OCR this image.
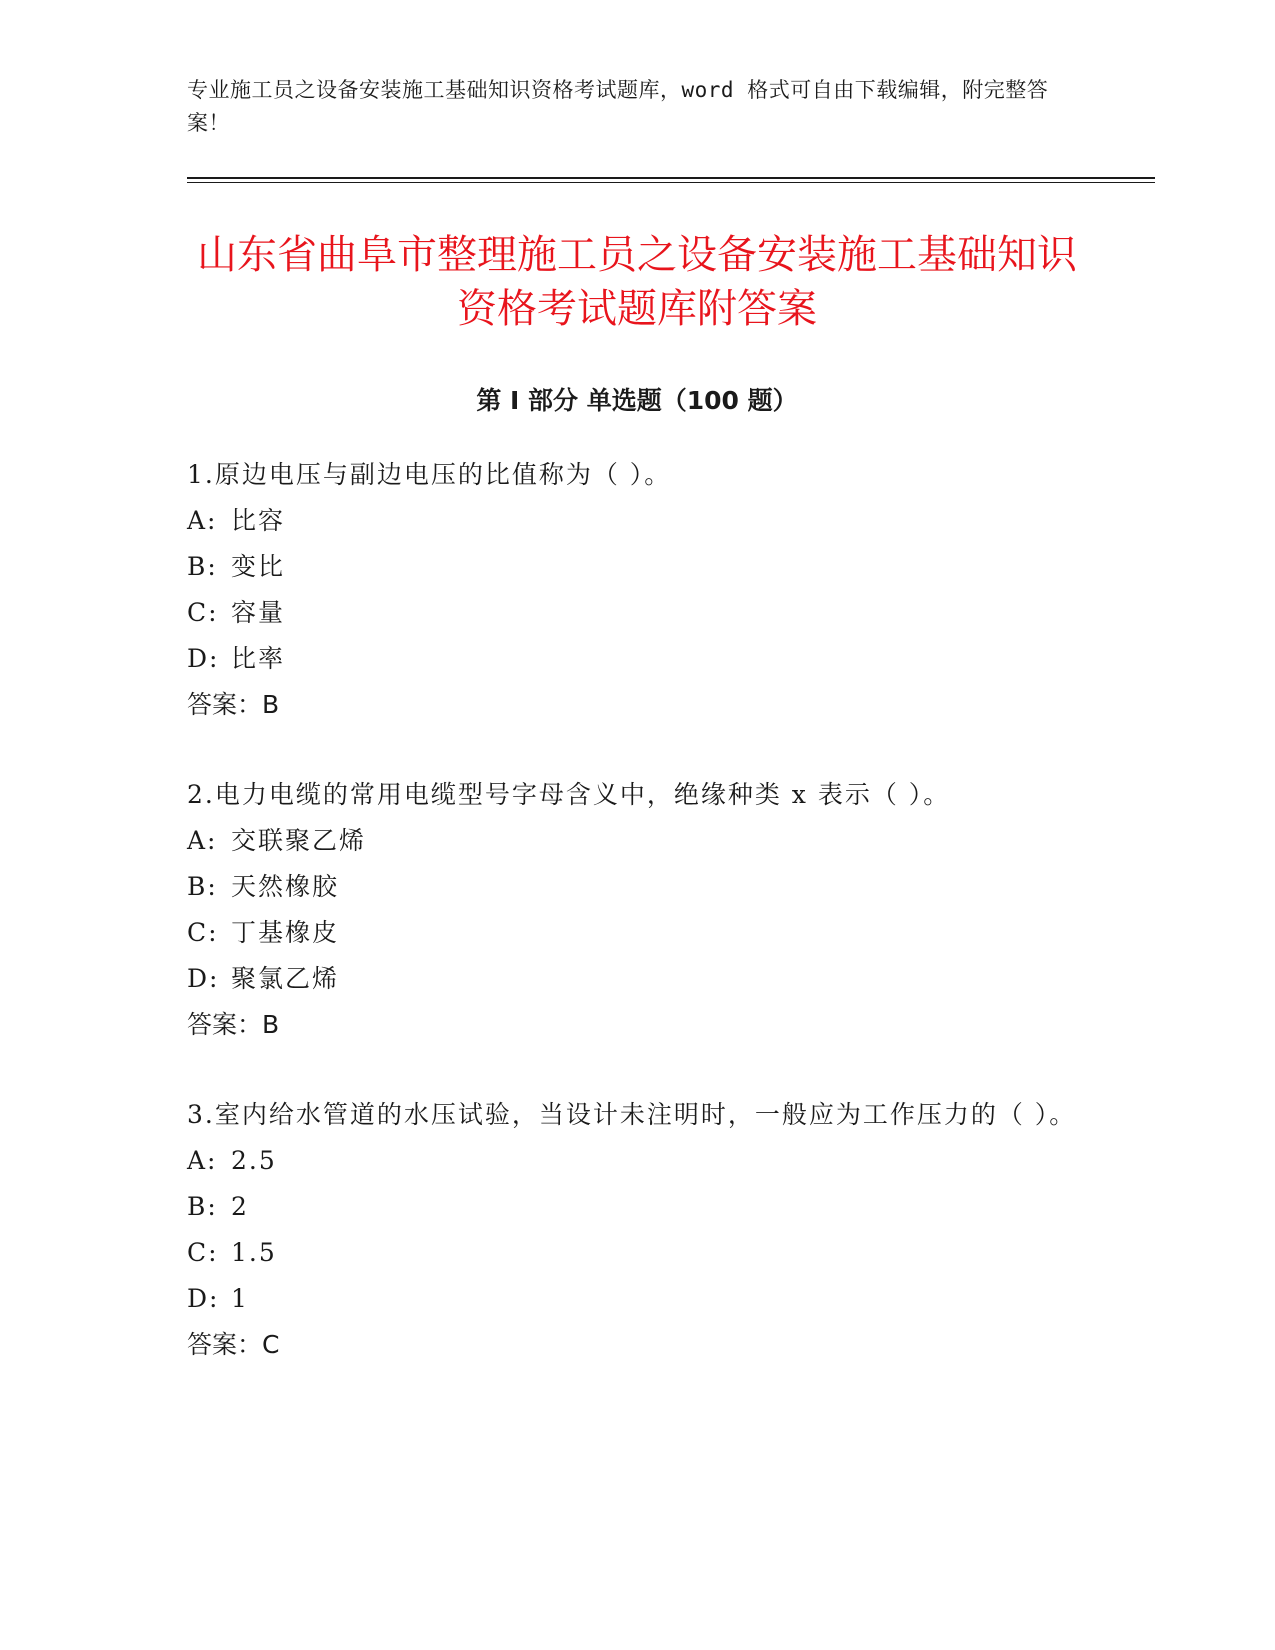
专业施工员之设备安装施工基础知识资格考试题库，word 格式可自由下载编辑，附完整答案！
山东省曲阜市整理施工员之设备安装施工基础知识资格考试题库附答案
第 I 部分 单选题（100 题）

1.原边电压与副边电压的比值称为（ ）。

A: 比容
B: 变比
C: 容量
D: 比率
答案：B

2.电力电缆的常用电缆型号字母含义中，绝缘种类 x 表示（ ）。

A: 交联聚乙烯
B: 天然橡胶
C: 丁基橡皮
D: 聚氯乙烯
答案：B

3.室内给水管道的水压试验，当设计未注明时，一般应为工作压力的（ ）。

A: 2.5
B: 2
C: 1.5
D: 1
答案：C
